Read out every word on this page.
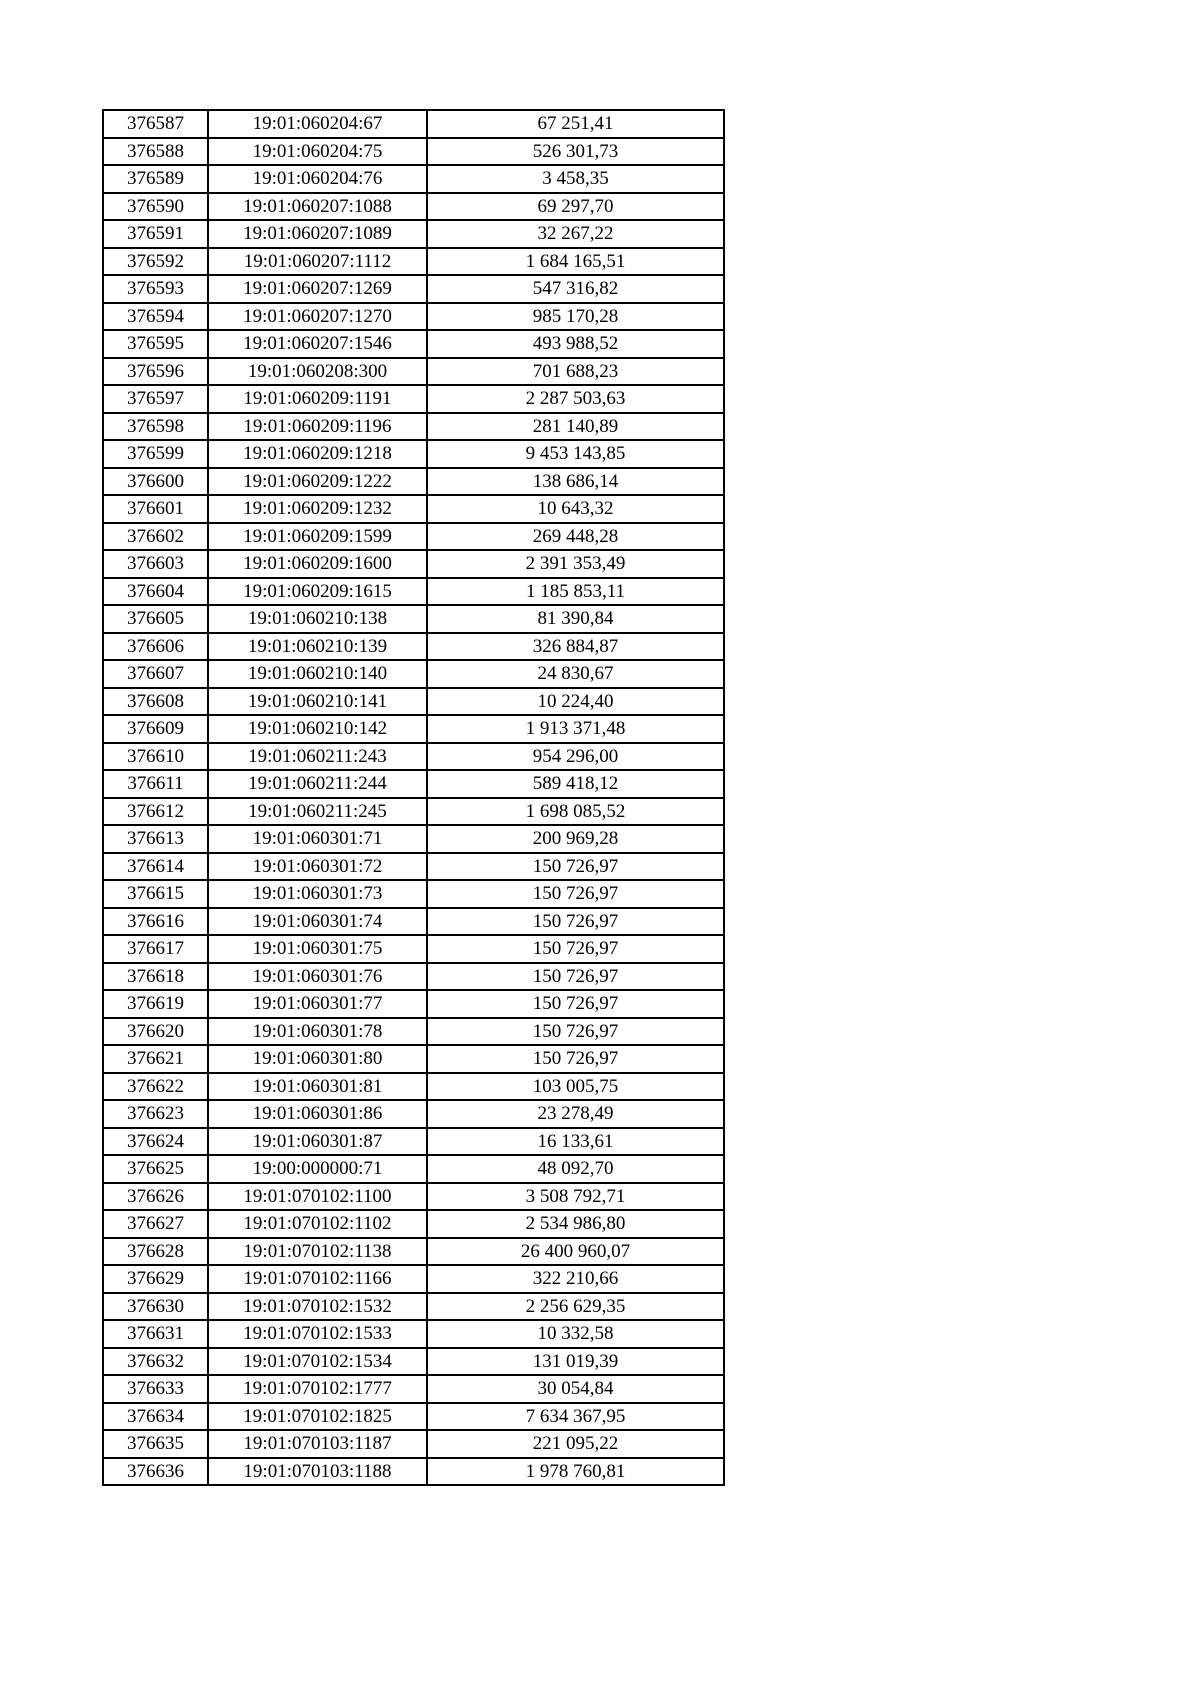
376587	19:01:060204:67	67 251,41
376588	19:01:060204:75	526 301,73
376589	19:01:060204:76	3 458,35
376590	19:01:060207:1088	69 297,70
376591	19:01:060207:1089	32 267,22
376592	19:01:060207:1112	1 684 165,51
376593	19:01:060207:1269	547 316,82
376594	19:01:060207:1270	985 170,28
376595	19:01:060207:1546	493 988,52
376596	19:01:060208:300	701 688,23
376597	19:01:060209:1191	2 287 503,63
376598	19:01:060209:1196	281 140,89
376599	19:01:060209:1218	9 453 143,85
376600	19:01:060209:1222	138 686,14
376601	19:01:060209:1232	10 643,32
376602	19:01:060209:1599	269 448,28
376603	19:01:060209:1600	2 391 353,49
376604	19:01:060209:1615	1 185 853,11
376605	19:01:060210:138	81 390,84
376606	19:01:060210:139	326 884,87
376607	19:01:060210:140	24 830,67
376608	19:01:060210:141	10 224,40
376609	19:01:060210:142	1 913 371,48
376610	19:01:060211:243	954 296,00
376611	19:01:060211:244	589 418,12
376612	19:01:060211:245	1 698 085,52
376613	19:01:060301:71	200 969,28
376614	19:01:060301:72	150 726,97
376615	19:01:060301:73	150 726,97
376616	19:01:060301:74	150 726,97
376617	19:01:060301:75	150 726,97
376618	19:01:060301:76	150 726,97
376619	19:01:060301:77	150 726,97
376620	19:01:060301:78	150 726,97
376621	19:01:060301:80	150 726,97
376622	19:01:060301:81	103 005,75
376623	19:01:060301:86	23 278,49
376624	19:01:060301:87	16 133,61
376625	19:00:000000:71	48 092,70
376626	19:01:070102:1100	3 508 792,71
376627	19:01:070102:1102	2 534 986,80
376628	19:01:070102:1138	26 400 960,07
376629	19:01:070102:1166	322 210,66
376630	19:01:070102:1532	2 256 629,35
376631	19:01:070102:1533	10 332,58
376632	19:01:070102:1534	131 019,39
376633	19:01:070102:1777	30 054,84
376634	19:01:070102:1825	7 634 367,95
376635	19:01:070103:1187	221 095,22
376636	19:01:070103:1188	1 978 760,81
